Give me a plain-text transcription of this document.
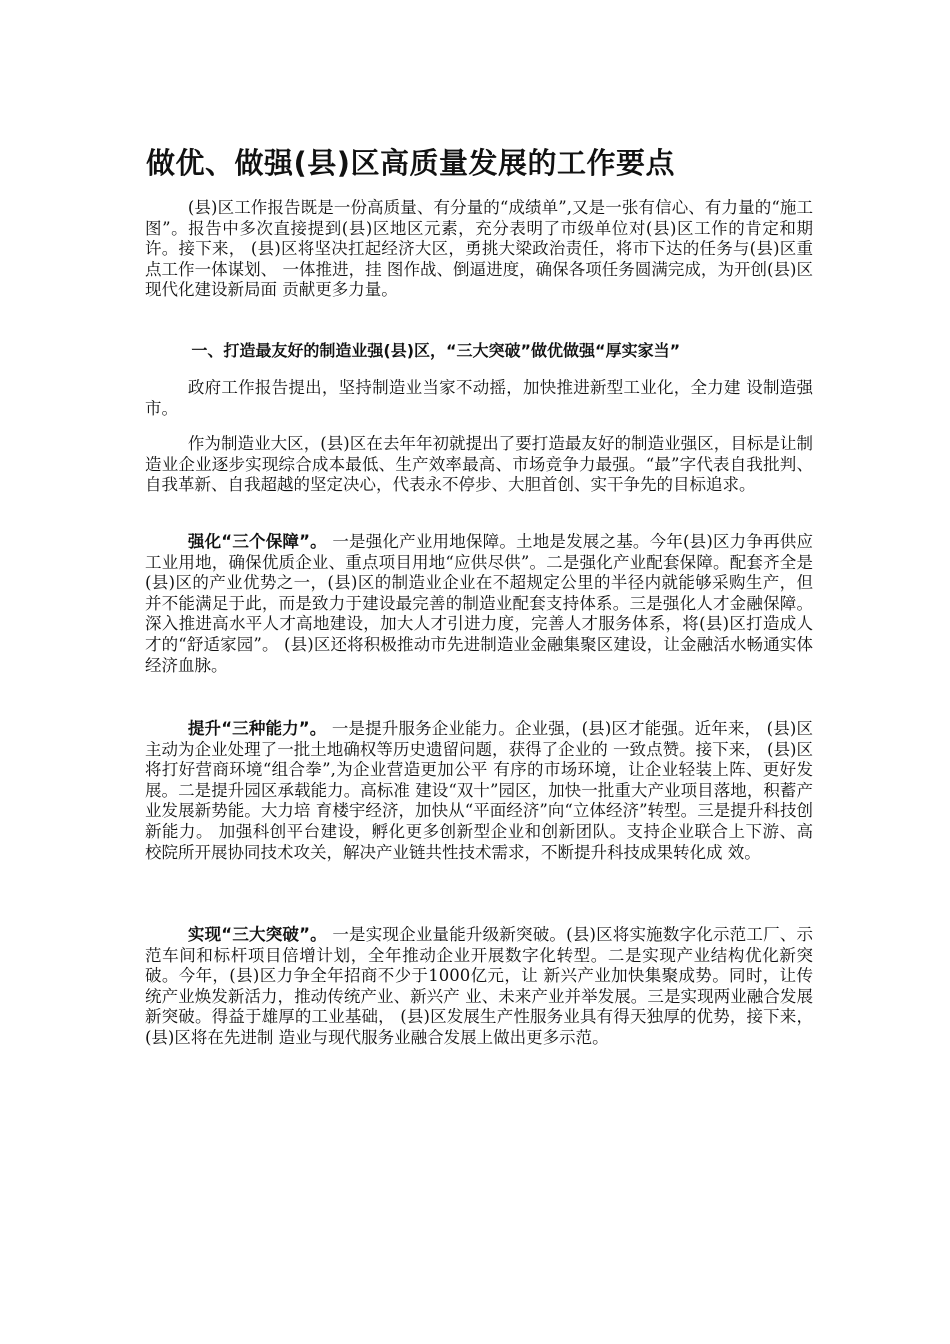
做优、做强(县)区高质量发展的工作要点

(县)区工作报告既是一份高质量、有分量的“成绩单”,又是一张有信心、有力量的“施工图”。报告中多次直接提到(县)区地区元素，充分表明了市级单位对(县)区工作的肯定和期许。接下来， (县)区将坚决扛起经济大区，勇挑大梁政治责任，将市下达的任务与(县)区重点工作一体谋划、 一体推进，挂 图作战、倒逼进度，确保各项任务圆满完成，为开创(县)区现代化建设新局面 贡献更多力量。

一、打造最友好的制造业强(县)区，“三大突破”做优做强“厚实家当”

政府工作报告提出，坚持制造业当家不动摇，加快推进新型工业化，全力建 设制造强市。

作为制造业大区，(县)区在去年年初就提出了要打造最友好的制造业强区，目标是让制造业企业逐步实现综合成本最低、生产效率最高、市场竞争力最强。“最”字代表自我批判、自我革新、自我超越的坚定决心，代表永不停步、大胆首创、实干争先的目标追求。

强化“三个保障”。 一是强化产业用地保障。土地是发展之基。今年(县)区力争再供应工业用地，确保优质企业、重点项目用地“应供尽供”。二是强化产业配套保障。配套齐全是(县)区的产业优势之一，(县)区的制造业企业在不超规定公里的半径内就能够采购生产，但并不能满足于此，而是致力于建设最完善的制造业配套支持体系。三是强化人才金融保障。深入推进高水平人才高地建设，加大人才引进力度，完善人才服务体系，将(县)区打造成人才的“舒适家园”。 (县)区还将积极推动市先进制造业金融集聚区建设，让金融活水畅通实体经济血脉。

提升“三种能力”。 一是提升服务企业能力。企业强，(县)区才能强。近年来， (县)区主动为企业处理了一批土地确权等历史遗留问题，获得了企业的 一致点赞。接下来， (县)区将打好营商环境“组合拳”,为企业营造更加公平 有序的市场环境，让企业轻装上阵、更好发展。二是提升园区承载能力。高标准 建设“双十”园区，加快一批重大产业项目落地，积蓄产业发展新势能。大力培 育楼宇经济，加快从“平面经济”向“立体经济”转型。三是提升科技创新能力。 加强科创平台建设，孵化更多创新型企业和创新团队。支持企业联合上下游、高 校院所开展协同技术攻关，解决产业链共性技术需求，不断提升科技成果转化成 效。

实现“三大突破”。 一是实现企业量能升级新突破。(县)区将实施数字化示范工厂、示范车间和标杆项目倍增计划，全年推动企业开展数字化转型。二是实现产业结构优化新突破。今年，(县)区力争全年招商不少于1000亿元，让 新兴产业加快集聚成势。同时，让传统产业焕发新活力，推动传统产业、新兴产 业、未来产业并举发展。三是实现两业融合发展新突破。得益于雄厚的工业基础， (县)区发展生产性服务业具有得天独厚的优势，接下来，(县)区将在先进制 造业与现代服务业融合发展上做出更多示范。
